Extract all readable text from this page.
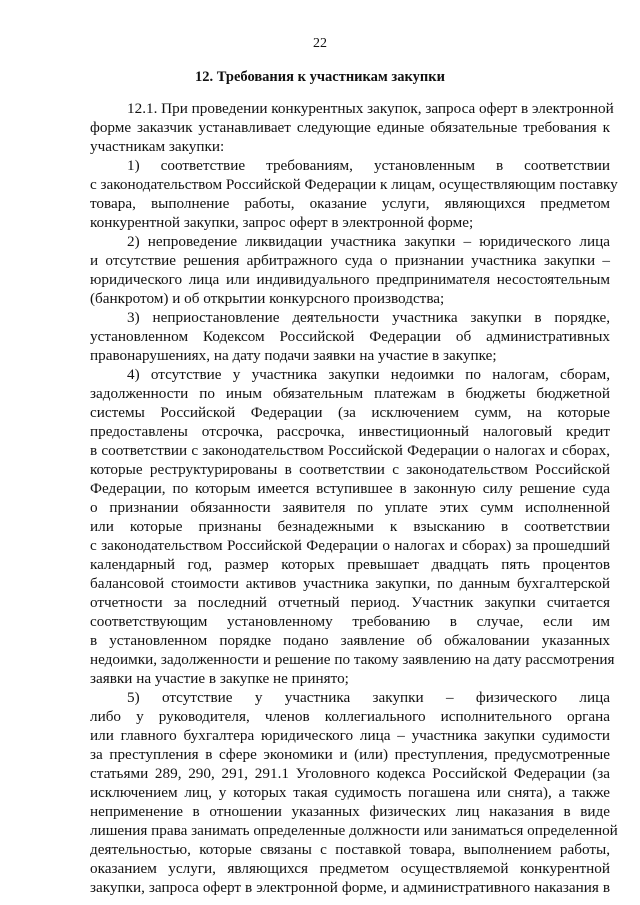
22
12. Требования к участникам закупки
12.1. При проведении конкурентных закупок, запроса оферт в электронной
форме заказчик устанавливает следующие единые обязательные требования к
участникам закупки:
1) соответствие требованиям, установленным в соответствии
с законодательством Российской Федерации к лицам, осуществляющим поставку
товара, выполнение работы, оказание услуги, являющихся предметом
конкурентной закупки, запрос оферт в электронной форме;
2) непроведение ликвидации участника закупки – юридического лица
и отсутствие решения арбитражного суда о признании участника закупки –
юридического лица или индивидуального предпринимателя несостоятельным
(банкротом) и об открытии конкурсного производства;
3) неприостановление деятельности участника закупки в порядке,
установленном Кодексом Российской Федерации об административных
правонарушениях, на дату подачи заявки на участие в закупке;
4) отсутствие у участника закупки недоимки по налогам, сборам,
задолженности по иным обязательным платежам в бюджеты бюджетной
системы Российской Федерации (за исключением сумм, на которые
предоставлены отсрочка, рассрочка, инвестиционный налоговый кредит
в соответствии с законодательством Российской Федерации о налогах и сборах,
которые реструктурированы в соответствии с законодательством Российской
Федерации, по которым имеется вступившее в законную силу решение суда
о признании обязанности заявителя по уплате этих сумм исполненной
или которые признаны безнадежными к взысканию в соответствии
с законодательством Российской Федерации о налогах и сборах) за прошедший
календарный год, размер которых превышает двадцать пять процентов
балансовой стоимости активов участника закупки, по данным бухгалтерской
отчетности за последний отчетный период. Участник закупки считается
соответствующим установленному требованию в случае, если им
в установленном порядке подано заявление об обжаловании указанных
недоимки, задолженности и решение по такому заявлению на дату рассмотрения
заявки на участие в закупке не принято;
5) отсутствие у участника закупки – физического лица
либо у руководителя, членов коллегиального исполнительного органа
или главного бухгалтера юридического лица – участника закупки судимости
за преступления в сфере экономики и (или) преступления, предусмотренные
статьями 289, 290, 291, 291.1 Уголовного кодекса Российской Федерации (за
исключением лиц, у которых такая судимость погашена или снята), а также
неприменение в отношении указанных физических лиц наказания в виде
лишения права занимать определенные должности или заниматься определенной
деятельностью, которые связаны с поставкой товара, выполнением работы,
оказанием услуги, являющихся предметом осуществляемой конкурентной
закупки, запроса оферт в электронной форме, и административного наказания в
